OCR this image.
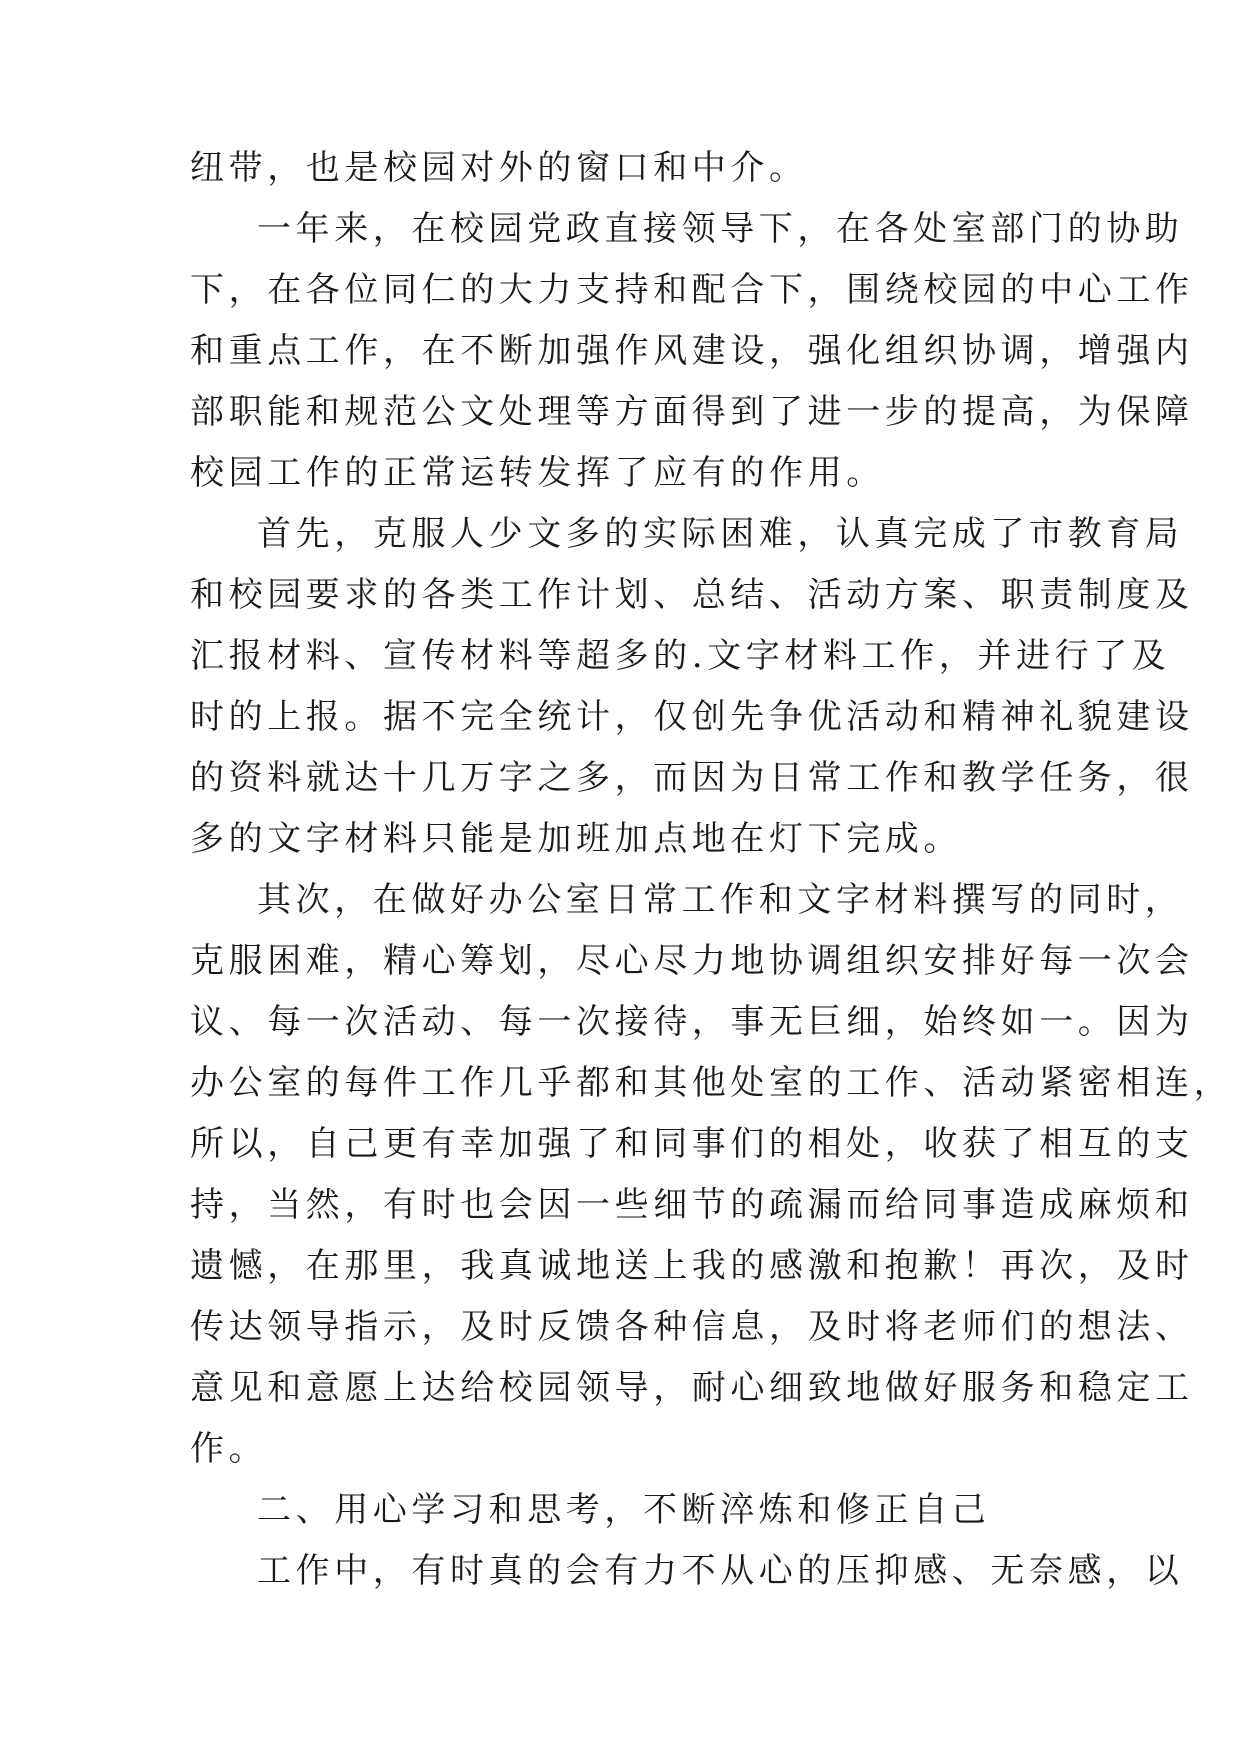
纽带，也是校园对外的窗口和中介。
一年来，在校园党政直接领导下，在各处室部门的协助
下，在各位同仁的大力支持和配合下，围绕校园的中心工作
和重点工作，在不断加强作风建设，强化组织协调，增强内
部职能和规范公文处理等方面得到了进一步的提高，为保障
校园工作的正常运转发挥了应有的作用。
首先，克服人少文多的实际困难，认真完成了市教育局
和校园要求的各类工作计划、总结、活动方案、职责制度及
汇报材料、宣传材料等超多的.文字材料工作，并进行了及
时的上报。据不完全统计，仅创先争优活动和精神礼貌建设
的资料就达十几万字之多，而因为日常工作和教学任务，很
多的文字材料只能是加班加点地在灯下完成。
其次，在做好办公室日常工作和文字材料撰写的同时，
克服困难，精心筹划，尽心尽力地协调组织安排好每一次会
议、每一次活动、每一次接待，事无巨细，始终如一。因为
办公室的每件工作几乎都和其他处室的工作、活动紧密相连，
所以，自己更有幸加强了和同事们的相处，收获了相互的支
持，当然，有时也会因一些细节的疏漏而给同事造成麻烦和
遗憾，在那里，我真诚地送上我的感激和抱歉！再次，及时
传达领导指示，及时反馈各种信息，及时将老师们的想法、
意见和意愿上达给校园领导，耐心细致地做好服务和稳定工
作。
二、用心学习和思考，不断淬炼和修正自己
工作中，有时真的会有力不从心的压抑感、无奈感，以
